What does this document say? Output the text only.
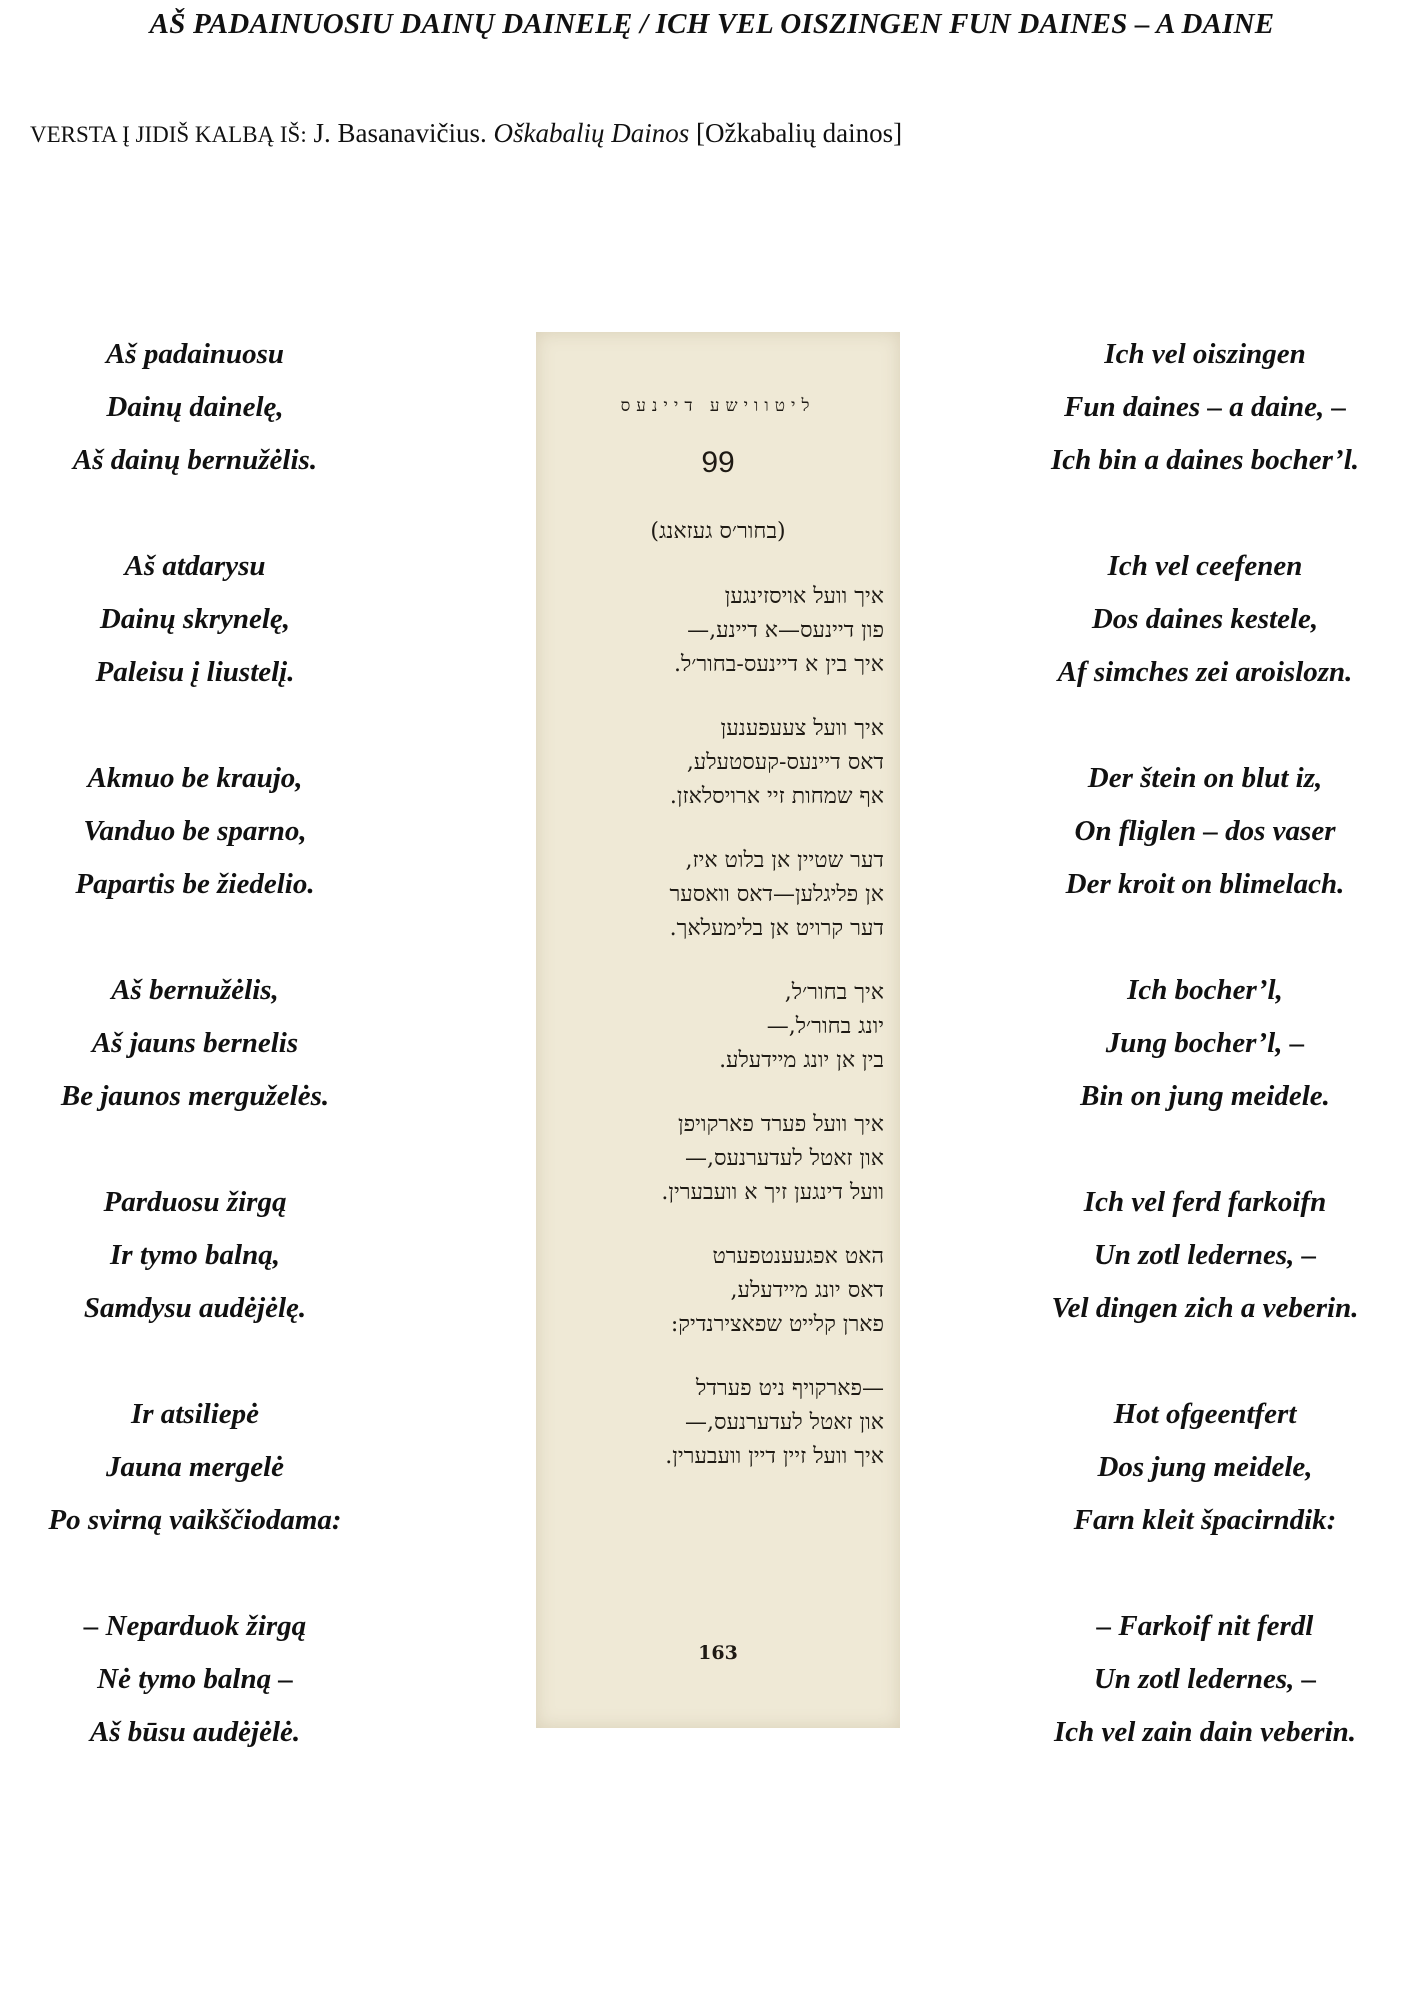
AŠ PADAINUOSIU DAINŲ DAINELĘ / ICH VEL OISZINGEN FUN DAINES – A DAINE
VERSTA Į JIDIŠ KALBĄ IŠ: J. Basanavičius. Oškabalių Dainos [Ožkabalių dainos]
Aš padainuosu
Dainų dainelę,
Aš dainų bernužėlis.
Aš atdarysu
Dainų skrynelę,
Paleisu į liustelį.
Akmuo be kraujo,
Vanduo be sparno,
Papartis be žiedelio.
Aš bernužėlis,
Aš jauns bernelis
Be jaunos merguželės.
Parduosu žirgą
Ir tymo balną,
Samdysu audėjėlę.
Ir atsiliepė
Jauna mergelė
Po svirną vaikščiodama:
– Neparduok žirgą
Nė tymo balną –
Aš būsu audėjėlė.
ליטווישע דיינעס
99
(בחור׳ס געזאנג)
איך וועל אויסזינגען
פון דיינעס—א דיינע,—
איך בין א דיינעס-בחור׳ל.
איך וועל צעעפענען
דאס דיינעס-קעסטעלע,
אף שמחות זיי ארויסלאזן.
דער שטיין אן בלוט איז,
אן פליגלען—דאס וואסער
דער קרויט אן בלימעלאך.
איך בחור׳ל,
יונג בחור׳ל,—
בין אן יונג מיידעלע.
איך וועל פערד פארקויפן
און זאטל לעדערנעס,—
וועל דינגען זיך א וועבערין.
האט אפגעענטפערט
דאס יונג מיידעלע,
פארן קלייט שפאצירנדיק:
—פארקויף ניט פערדל
און זאטל לעדערנעס,—
איך וועל זיין דיין וועבערין.
163
Ich vel oiszingen
Fun daines – a daine, –
Ich bin a daines bocher’l.
Ich vel ceefenen
Dos daines kestele,
Af simches zei aroislozn.
Der štein on blut iz,
On fliglen – dos vaser
Der kroit on blimelach.
Ich bocher’l,
Jung bocher’l, –
Bin on jung meidele.
Ich vel ferd farkoifn
Un zotl ledernes, –
Vel dingen zich a veberin.
Hot ofgeentfert
Dos jung meidele,
Farn kleit špacirndik:
– Farkoif nit ferdl
Un zotl ledernes, –
Ich vel zain dain veberin.
